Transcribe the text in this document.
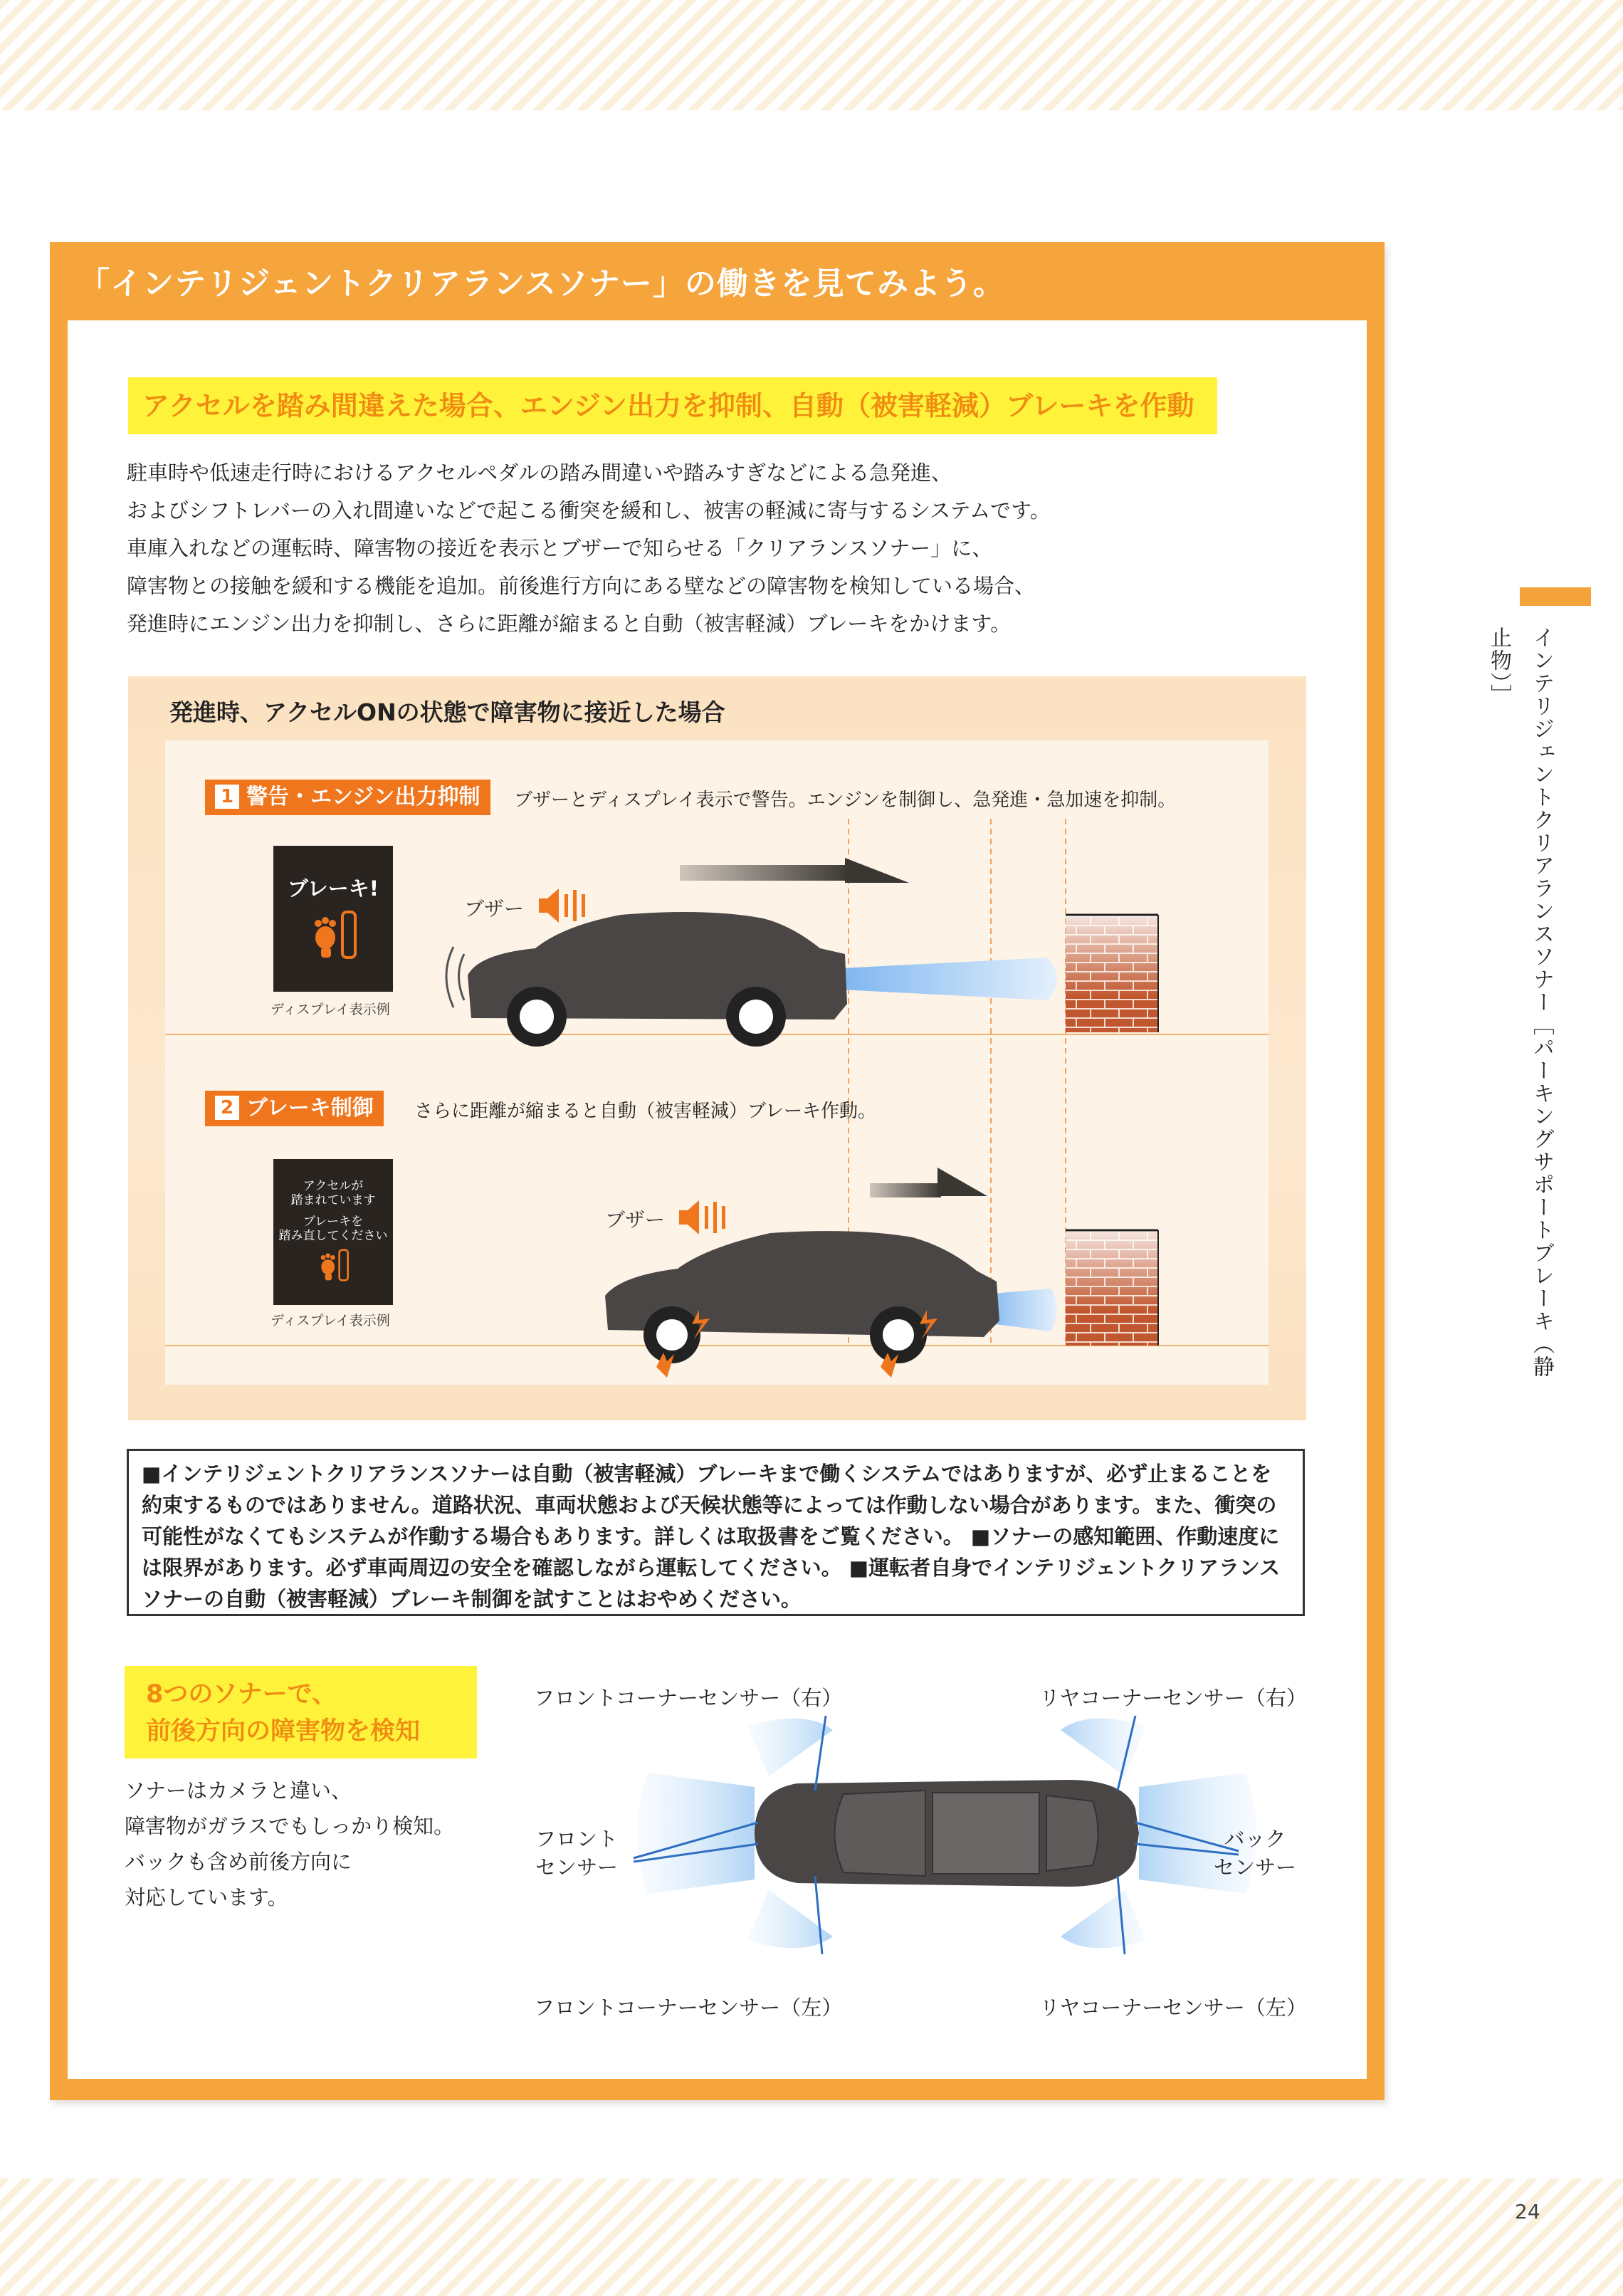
インテリジェントクリアランスソナー［パーキングサポートブレーキ（静止物）］
24
「インテリジェントクリアランスソナー」の働きを見てみよう。
アクセルを踏み間違えた場合、エンジン出力を抑制、自動（被害軽減）ブレーキを作動
駐車時や低速走行時におけるアクセルペダルの踏み間違いや踏みすぎなどによる急発進、
およびシフトレバーの入れ間違いなどで起こる衝突を緩和し、被害の軽減に寄与するシステムです。
車庫入れなどの運転時、障害物の接近を表示とブザーで知らせる「クリアランスソナー」に、
障害物との接触を緩和する機能を追加。前後進行方向にある壁などの障害物を検知している場合、
発進時にエンジン出力を抑制し、さらに距離が縮まると自動（被害軽減）ブレーキをかけます。
発進時、アクセルONの状態で障害物に接近した場合
1 警告・エンジン出力抑制	ブザーとディスプレイ表示で警告。エンジンを制御し、急発進・急加速を抑制。
ブレーキ!
ディスプレイ表示例
ブザー
2 ブレーキ制御	さらに距離が縮まると自動（被害軽減）ブレーキ作動。
アクセルが
踏まれています
ブレーキを
踏み直してください
ディスプレイ表示例
ブザー
■インテリジェントクリアランスソナーは自動（被害軽減）ブレーキまで働くシステムではありますが、必ず止まることを約束するものではありません。道路状況、車両状態および天候状態等によっては作動しない場合があります。また、衝突の可能性がなくてもシステムが作動する場合もあります。詳しくは取扱書をご覧ください。 ■ソナーの感知範囲、作動速度には限界があります。必ず車両周辺の安全を確認しながら運転してください。 ■運転者自身でインテリジェントクリアランスソナーの自動（被害軽減）ブレーキ制御を試すことはおやめください。
8つのソナーで、
前後方向の障害物を検知
ソナーはカメラと違い、
障害物がガラスでもしっかり検知。
バックも含め前後方向に
対応しています。
フロントコーナーセンサー（右）	リヤコーナーセンサー（右）
フロント
センサー
バック
センサー
フロントコーナーセンサー（左）	リヤコーナーセンサー（左）
